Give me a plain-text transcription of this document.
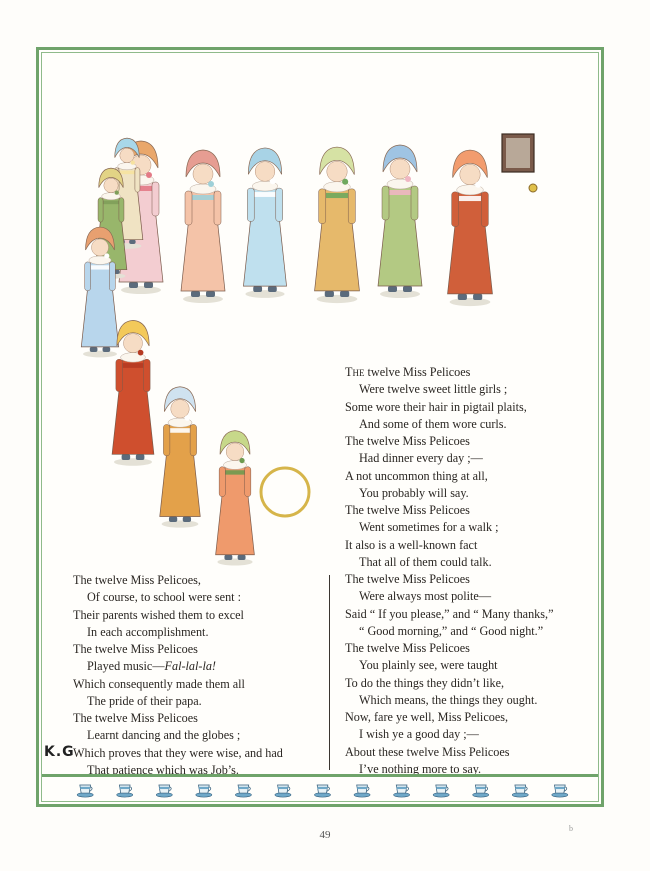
The twelve Miss Pelicoes
Were twelve sweet little girls ;
Some wore their hair in pigtail plaits,
And some of them wore curls.
The twelve Miss Pelicoes
Had dinner every day ;—
A not uncommon thing at all,
You probably will say.
The twelve Miss Pelicoes
Went sometimes for a walk ;
It also is a well-known fact
That all of them could talk.
The twelve Miss Pelicoes
Were always most polite—
Said “ If you please,” and “ Many thanks,”
“ Good morning,” and “ Good night.”
The twelve Miss Pelicoes
You plainly see, were taught
To do the things they didn’t like,
Which means, the things they ought.
Now, fare ye well, Miss Pelicoes,
I wish ye a good day ;—
About these twelve Miss Pelicoes
I’ve nothing more to say.
The twelve Miss Pelicoes,
Of course, to school were sent :
Their parents wished them to excel
In each accomplishment.
The twelve Miss Pelicoes
Played music—Fal-lal-la!
Which consequently made them all
The pride of their papa.
The twelve Miss Pelicoes
Learnt dancing and the globes ;
Which proves that they were wise, and had
That patience which was Job’s.
K.G
49
b
